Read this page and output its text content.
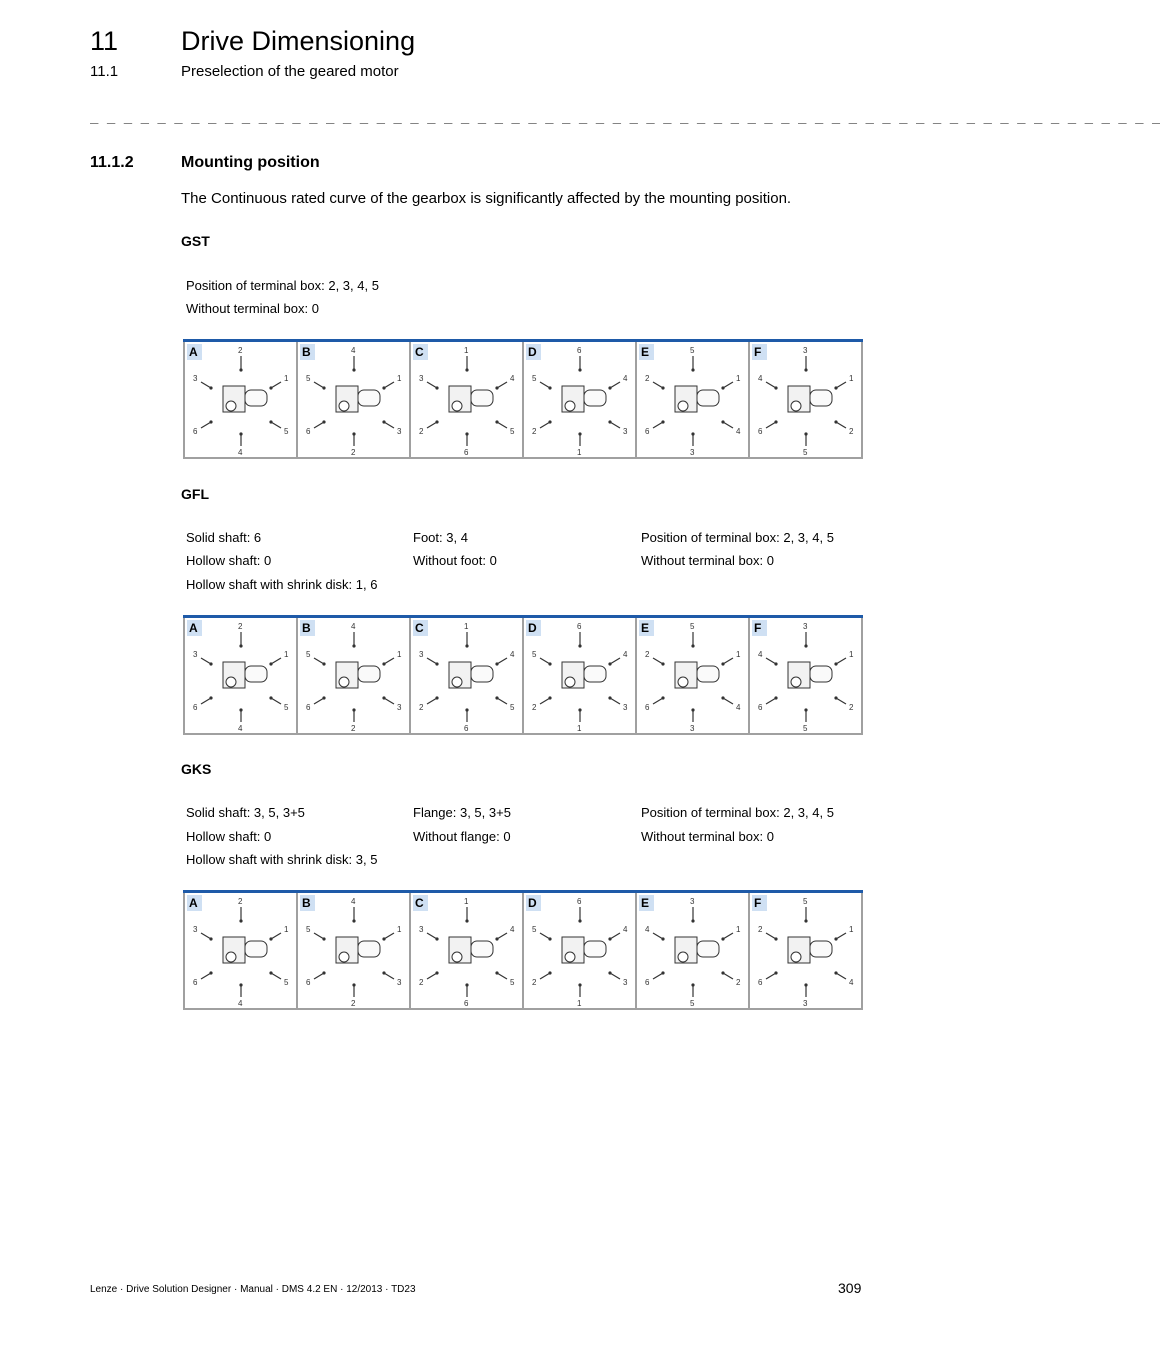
11 Drive Dimensioning
11.1	Preselection of the geared motor
_ _ _ _ _ _ _ _ _ _ _ _ _ _ _ _ _ _ _ _ _ _ _ _ _ _ _ _ _ _ _ _ _ _ _ _ _ _ _ _ _ _ _ _ _ _ _ _ _ _ _ _ _ _ _ _ _ _ _ _ _ _ _ _
11.1.2	Mounting position
The Continuous rated curve of the gearbox is significantly affected by the mounting position.
GST
Position of terminal box: 2, 3, 4, 5
Without terminal box: 0
A	2
4
3	1
6	5
B	4
2
5	1
6	3
C	1
6
3	4
2	5
D	6
1
5	4
2	3
E	5
3
2	1
6	4
F	3
5
4	1
6	2
GFL
Solid shaft: 6	Foot: 3, 4	Position of terminal box: 2, 3, 4, 5
Hollow shaft: 0	Without foot: 0	Without terminal box: 0
Hollow shaft with shrink disk: 1, 6
A	2
4
3	1
6	5
B	4
2
5	1
6	3
C	1
6
3	4
2	5
D	6
1
5	4
2	3
E	5
3
2	1
6	4
F	3
5
4	1
6	2
GKS
Solid shaft: 3, 5, 3+5	Flange: 3, 5, 3+5	Position of terminal box: 2, 3, 4, 5
Hollow shaft: 0	Without flange: 0	Without terminal box: 0
Hollow shaft with shrink disk: 3, 5
A	2
4
3	1
6	5
B	4
2
5	1
6	3
C	1
6
3	4
2	5
D	6
1
5	4
2	3
E	3
5
4	1
6	2
F	5
3
2	1
6	4
Lenze · Drive Solution Designer · Manual · DMS 4.2 EN · 12/2013 · TD23	309
